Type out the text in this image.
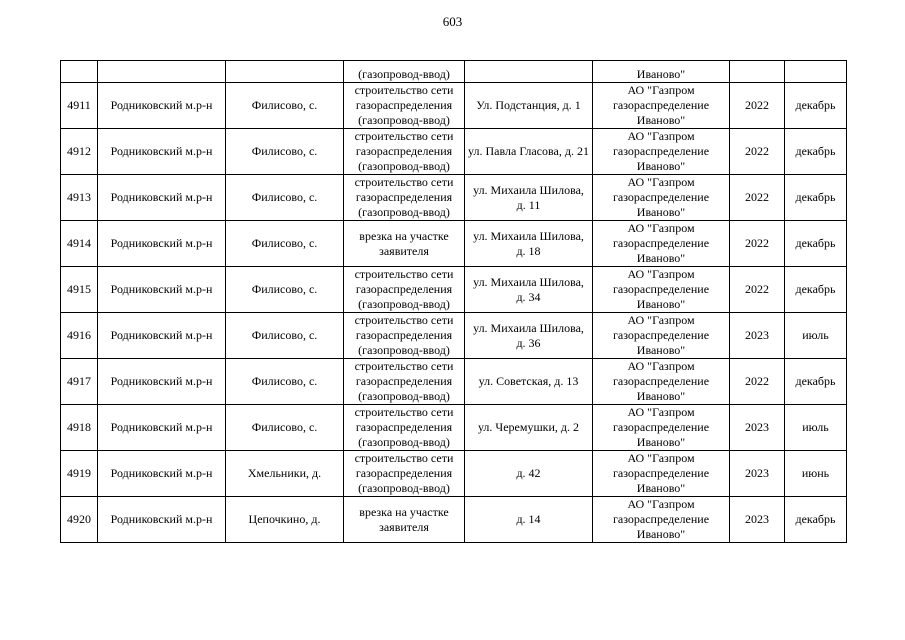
603
			(газопровод-ввод)		Иваново"		
4911	Родниковский м.р-н	Филисово, с.	строительство сети газораспределения (газопровод-ввод)	Ул. Подстанция, д. 1	АО "Газпром газораспределение Иваново"	2022	декабрь
4912	Родниковский м.р-н	Филисово, с.	строительство сети газораспределения (газопровод-ввод)	ул. Павла Гласова, д. 21	АО "Газпром газораспределение Иваново"	2022	декабрь
4913	Родниковский м.р-н	Филисово, с.	строительство сети газораспределения (газопровод-ввод)	ул. Михаила Шилова, д. 11	АО "Газпром газораспределение Иваново"	2022	декабрь
4914	Родниковский м.р-н	Филисово, с.	врезка на участке заявителя	ул. Михаила Шилова, д. 18	АО "Газпром газораспределение Иваново"	2022	декабрь
4915	Родниковский м.р-н	Филисово, с.	строительство сети газораспределения (газопровод-ввод)	ул. Михаила Шилова, д. 34	АО "Газпром газораспределение Иваново"	2022	декабрь
4916	Родниковский м.р-н	Филисово, с.	строительство сети газораспределения (газопровод-ввод)	ул. Михаила Шилова, д. 36	АО "Газпром газораспределение Иваново"	2023	июль
4917	Родниковский м.р-н	Филисово, с.	строительство сети газораспределения (газопровод-ввод)	ул. Советская, д. 13	АО "Газпром газораспределение Иваново"	2022	декабрь
4918	Родниковский м.р-н	Филисово, с.	строительство сети газораспределения (газопровод-ввод)	ул. Черемушки, д. 2	АО "Газпром газораспределение Иваново"	2023	июль
4919	Родниковский м.р-н	Хмельники, д.	строительство сети газораспределения (газопровод-ввод)	д. 42	АО "Газпром газораспределение Иваново"	2023	июнь
4920	Родниковский м.р-н	Цепочкино, д.	врезка на участке заявителя	д. 14	АО "Газпром газораспределение Иваново"	2023	декабрь
